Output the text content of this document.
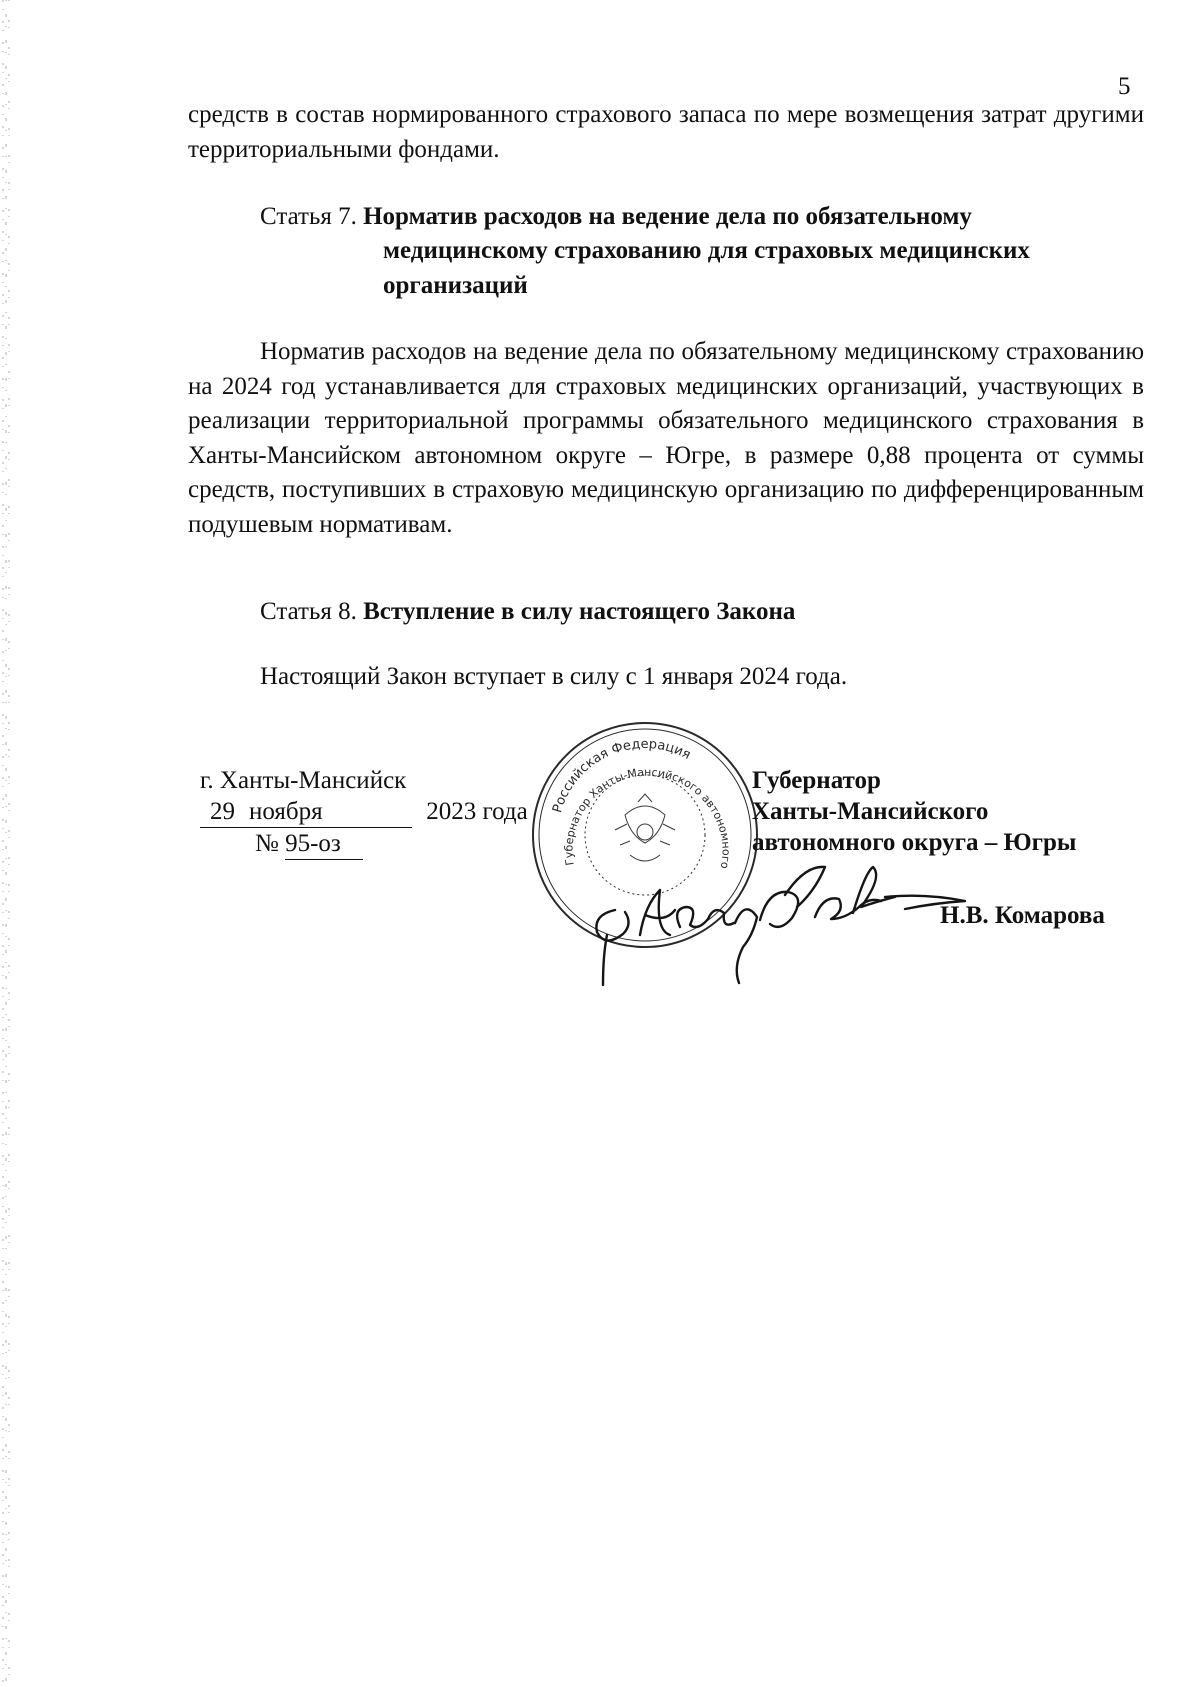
5

средств в состав нормированного страхового запаса по мере возмещения затрат другими территориальными фондами.

Статья 7. Норматив расходов на ведение дела по обязательному
медицинскому страхованию для страховых медицинских
организаций

Норматив расходов на ведение дела по обязательному медицинскому страхованию на 2024 год устанавливается для страховых медицинских организаций, участвующих в реализации территориальной программы обязательного медицинского страхования в Ханты-Мансийском автономном округе – Югре, в размере 0,88 процента от суммы средств, поступивших в страховую медицинскую организацию по дифференцированным подушевым нормативам.

Статья 8. Вступление в силу настоящего Закона

Настоящий Закон вступает в силу с 1 января 2024 года.

Российская Федерация
Губернатор Ханты-Мансийского автономного округа – Югры
г. Ханты-Мансийск
29 ноября	2023 года
№ 95-оз
Губернатор
Ханты-Мансийского
автономного округа – Югры
Н.В. Комарова
